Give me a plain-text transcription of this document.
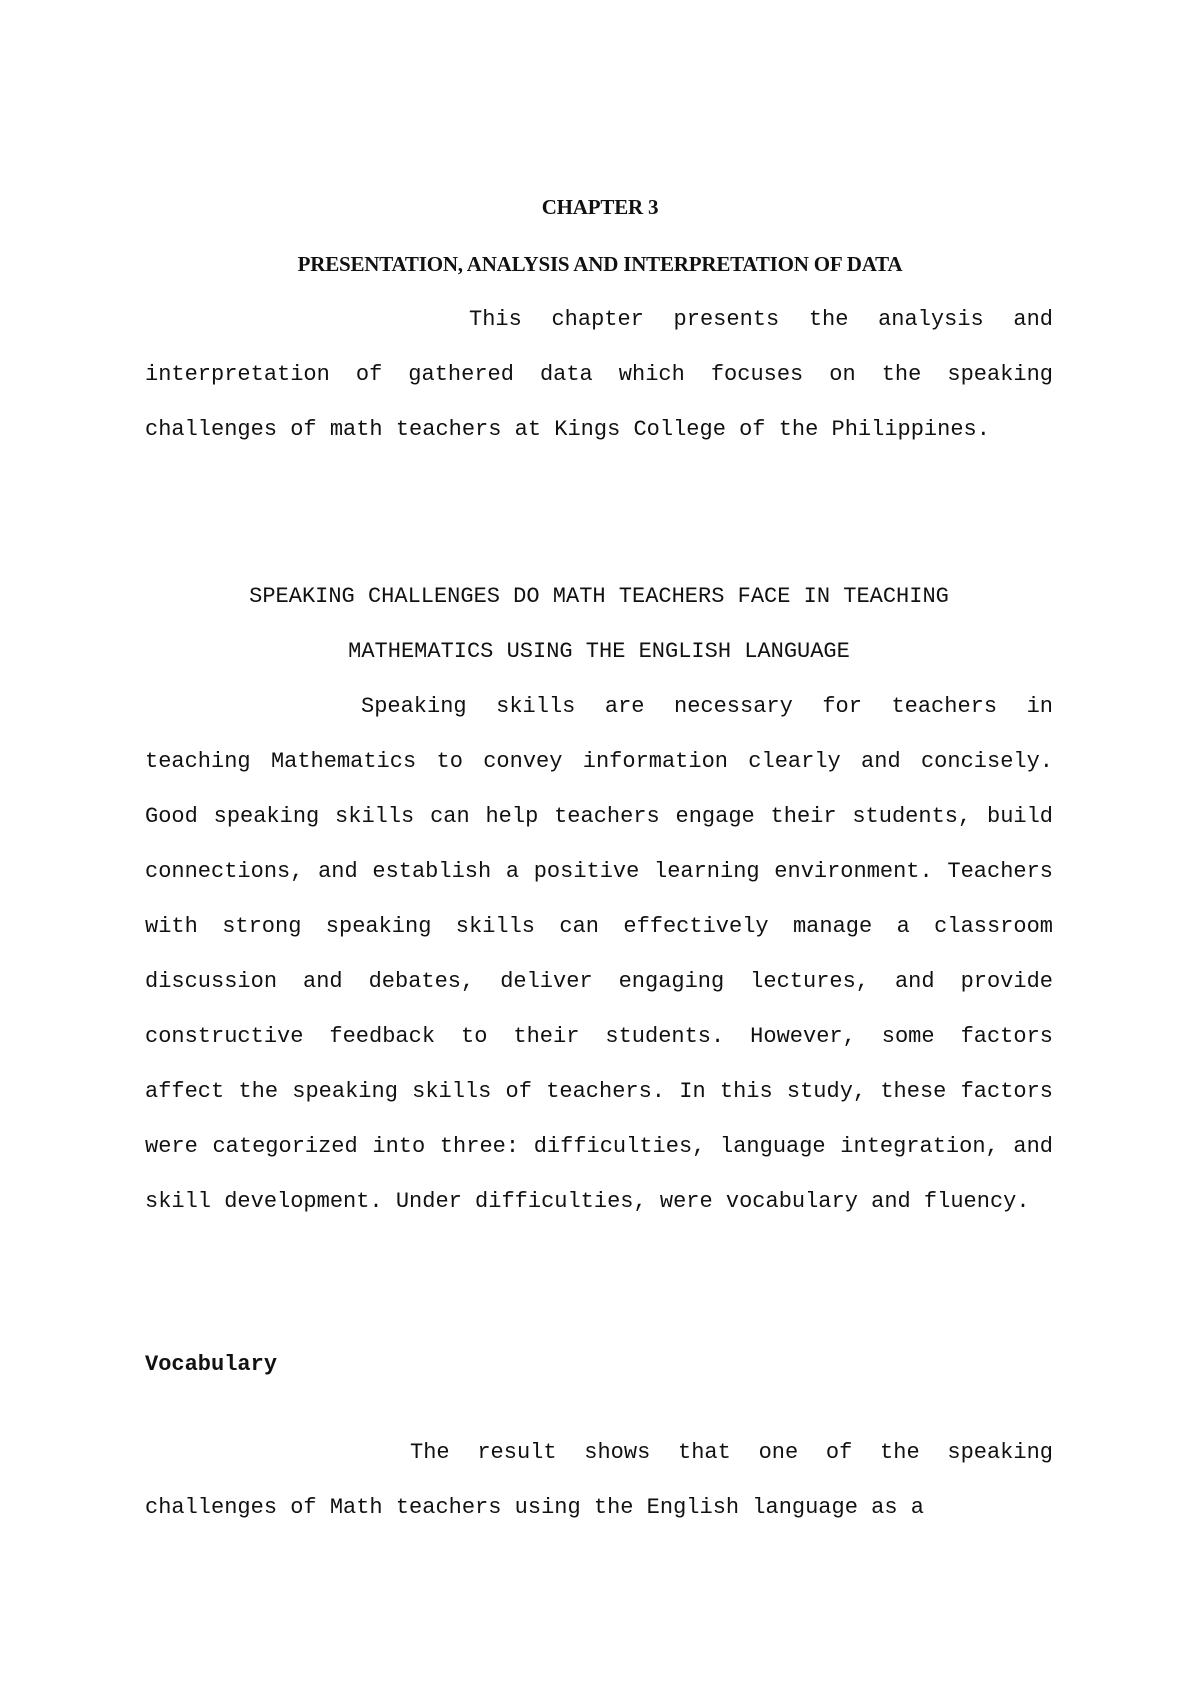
CHAPTER 3
PRESENTATION, ANALYSIS AND INTERPRETATION OF DATA

This chapter presents the analysis and interpretation of gathered data which focuses on the speaking challenges of math teachers at Kings College of the Philippines.

SPEAKING CHALLENGES DO MATH TEACHERS FACE IN TEACHING
MATHEMATICS USING THE ENGLISH LANGUAGE

Speaking skills are necessary for teachers in teaching Mathematics to convey information clearly and concisely. Good speaking skills can help teachers engage their students, build connections, and establish a positive learning environment. Teachers with strong speaking skills can effectively manage a classroom discussion and debates, deliver engaging lectures, and provide constructive feedback to their students. However, some factors affect the speaking skills of teachers. In this study, these factors were categorized into three: difficulties, language integration, and skill development. Under difficulties, were vocabulary and fluency.

Vocabulary

The result shows that one of the speaking challenges of Math teachers using the English language as a
